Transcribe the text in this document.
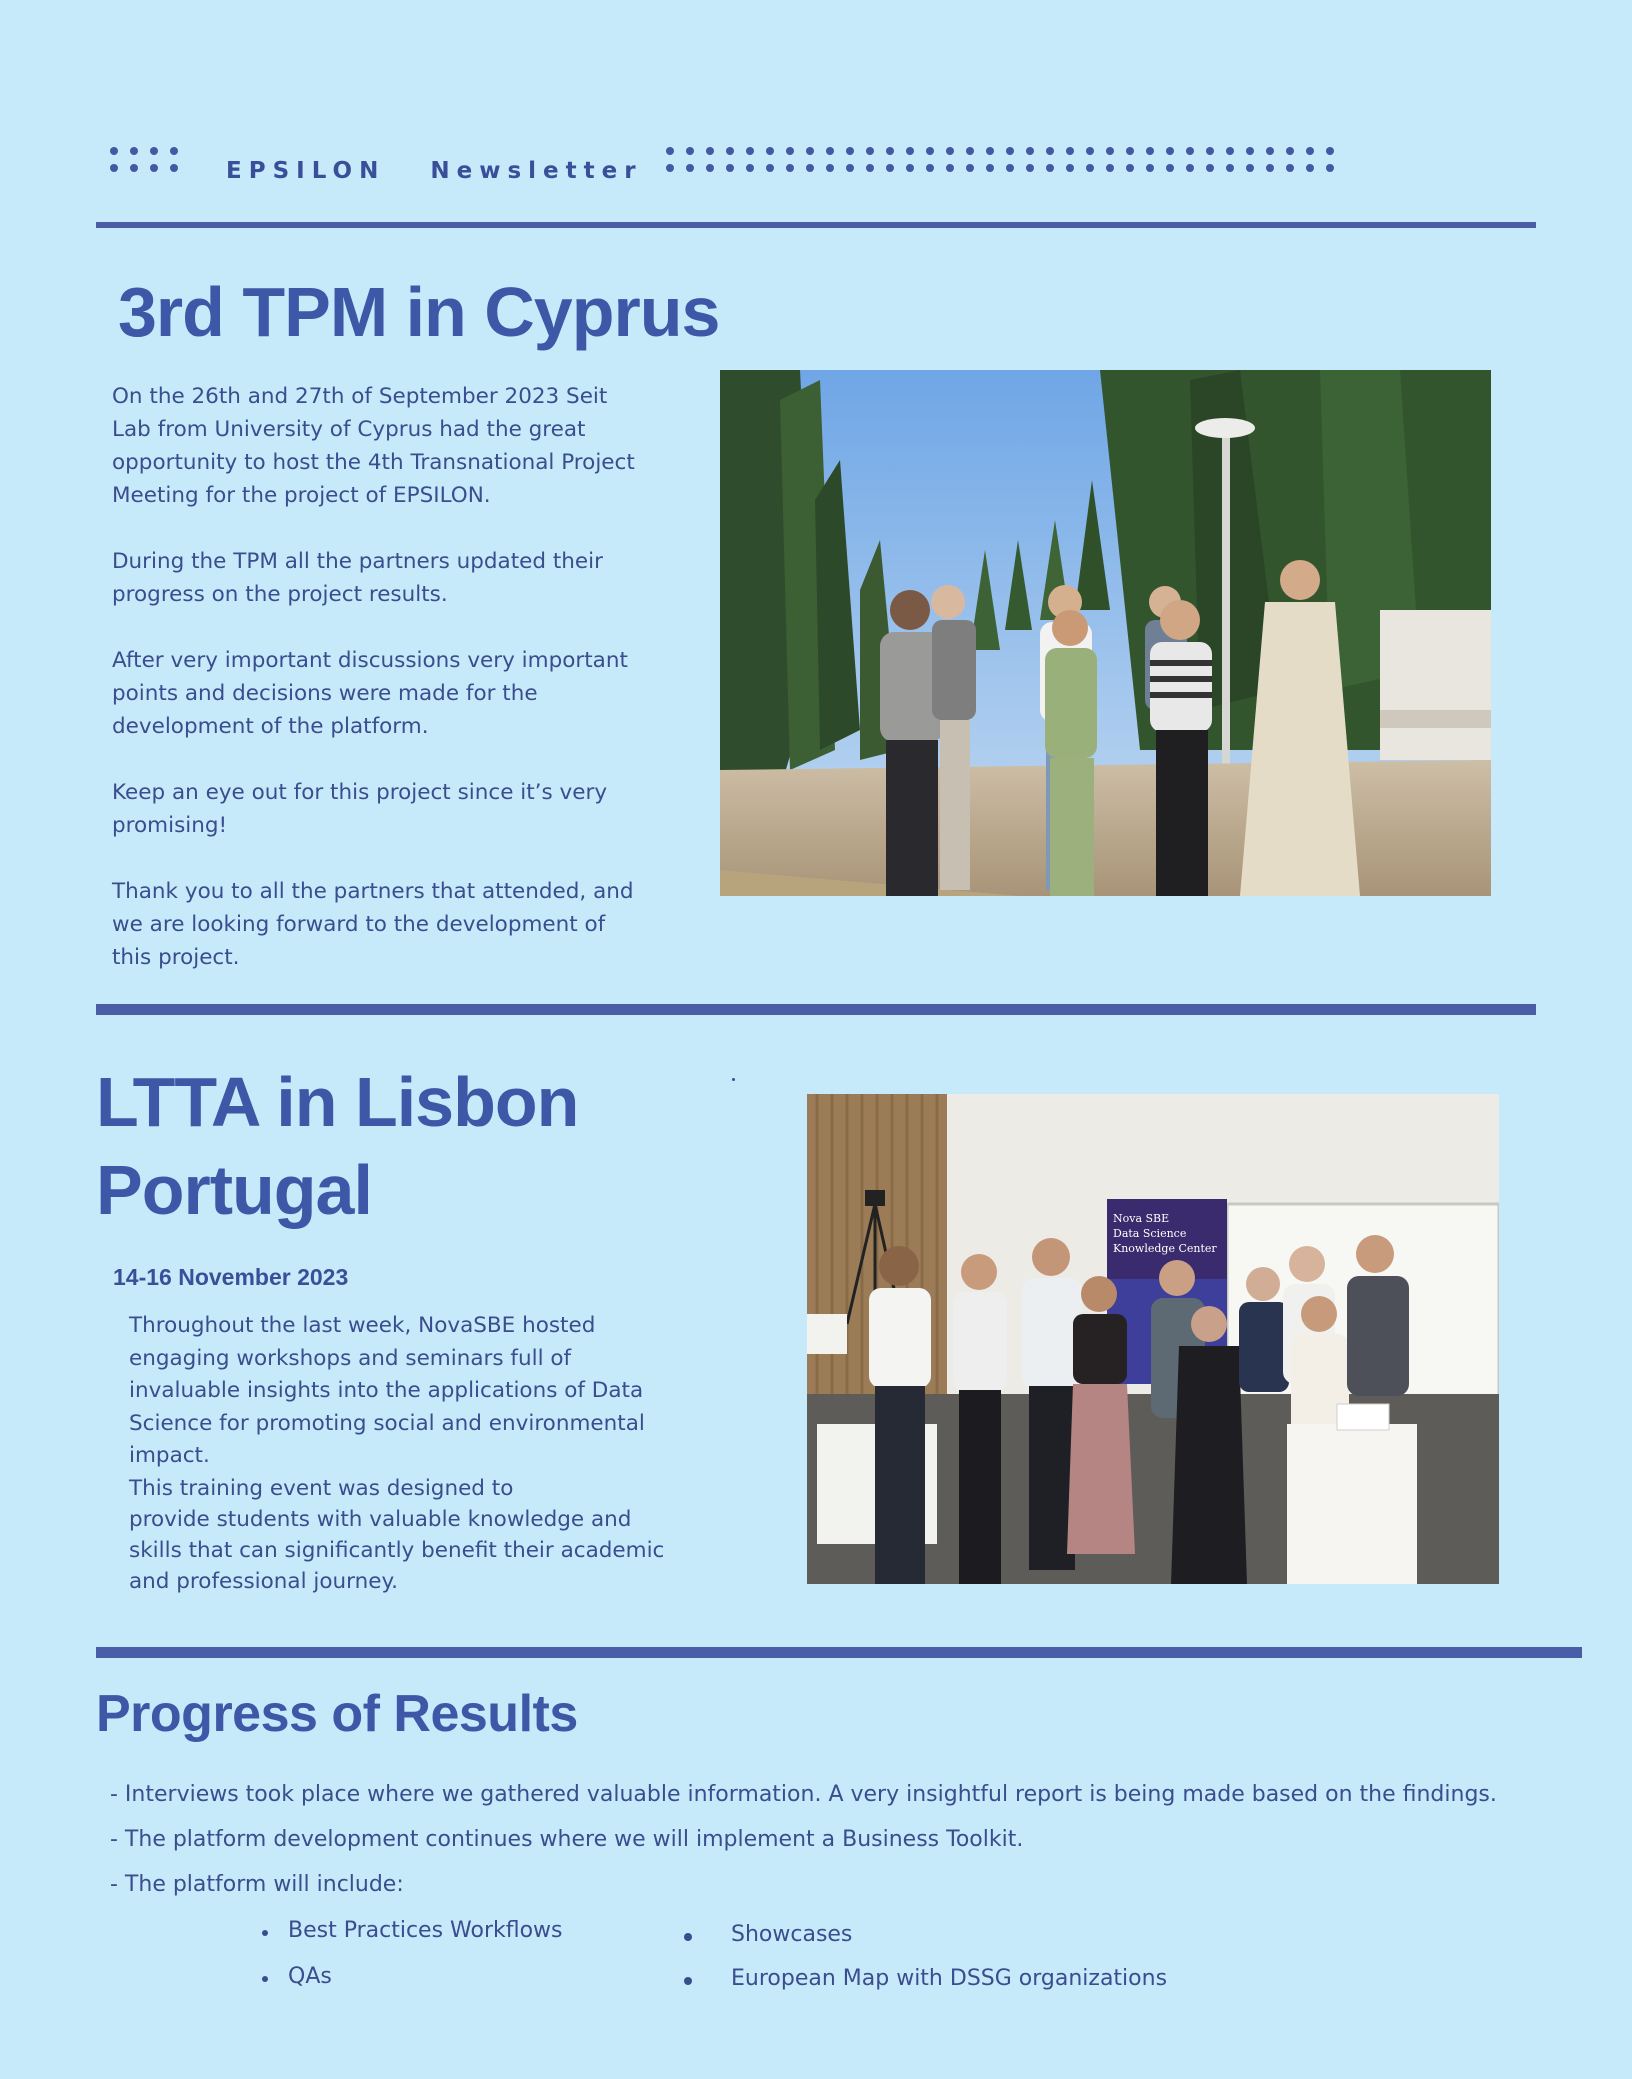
EPSILON Newsletter
3rd TPM in Cyprus

On the 26th and 27th of September 2023 Seit
Lab from University of Cyprus had the great
opportunity to host the 4th Transnational Project
Meeting for the project of EPSILON.

During the TPM all the partners updated their
progress on the project results.

After very important discussions very important
points and decisions were made for the
development of the platform.

Keep an eye out for this project since it’s very
promising!

Thank you to all the partners that attended, and
we are looking forward to the development of
this project.

LTTA in Lisbon
Portugal
14-16 November 2023
Throughout the last week, NovaSBE hosted
engaging workshops and seminars full of
invaluable insights into the applications of Data
Science for promoting social and environmental
impact.
This training event was designed to
provide students with valuable knowledge and
skills that can significantly benefit their academic
and professional journey.
Nova SBE
Data Science
Knowledge Center
Progress of Results
- Interviews took place where we gathered valuable information. A very insightful report is being made based on the findings.
- The platform development continues where we will implement a Business Toolkit.
- The platform will include:
Best Practices Workflows
QAs
Showcases
European Map with DSSG organizations
